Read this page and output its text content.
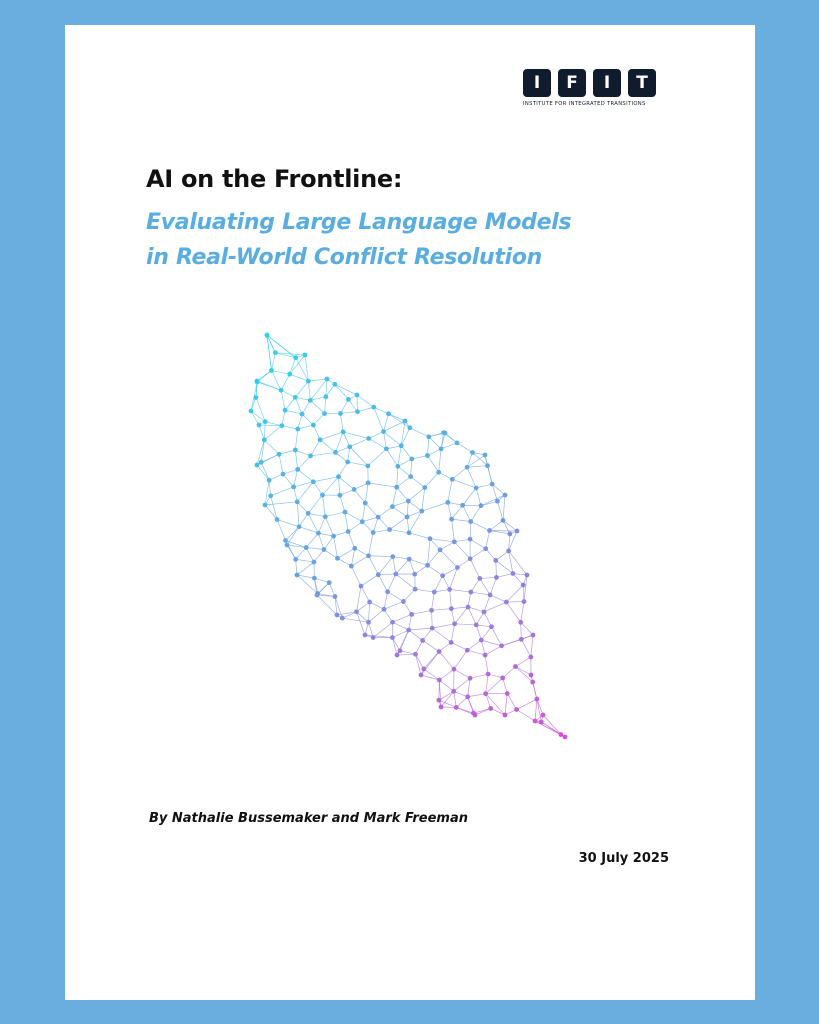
I	F	I	T
INSTITUTE FOR INTEGRATED TRANSITIONS
AI on the Frontline:
Evaluating Large Language Models
in Real-World Conflict Resolution

By Nathalie Bussemaker and Mark Freeman

30 July 2025
